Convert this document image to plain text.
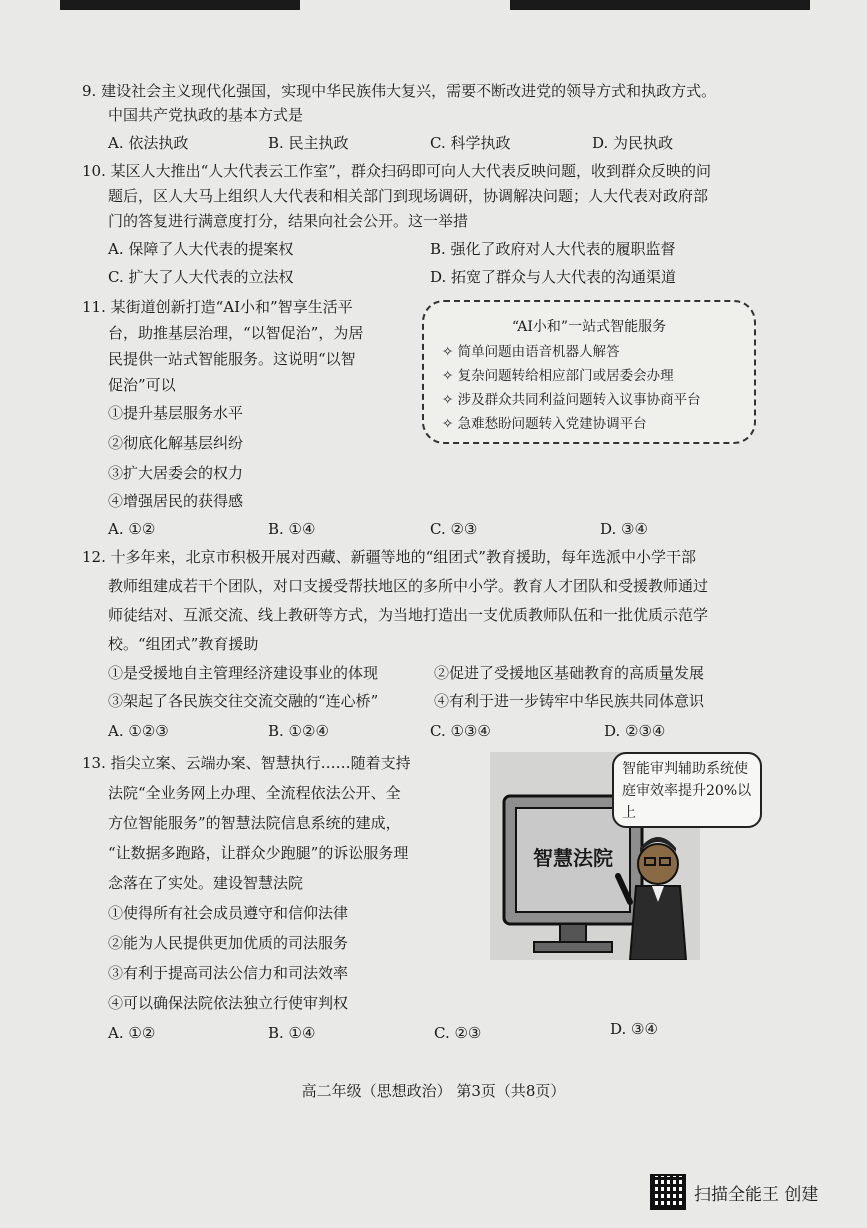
9. 建设社会主义现代化强国，实现中华民族伟大复兴，需要不断改进党的领导方式和执政方式。
中国共产党执政的基本方式是
A. 依法执政	B. 民主执政	C. 科学执政	D. 为民执政
10. 某区人大推出“人大代表云工作室”，群众扫码即可向人大代表反映问题，收到群众反映的问
题后，区人大马上组织人大代表和相关部门到现场调研，协调解决问题；人大代表对政府部
门的答复进行满意度打分，结果向社会公开。这一举措
A. 保障了人大代表的提案权	B. 强化了政府对人大代表的履职监督
C. 扩大了人大代表的立法权	D. 拓宽了群众与人大代表的沟通渠道
11. 某街道创新打造“AI小和”智享生活平
台，助推基层治理，“以智促治”，为居
民提供一站式智能服务。这说明“以智
促治”可以
①提升基层服务水平
②彻底化解基层纠纷
③扩大居委会的权力
④增强居民的获得感
A. ①②	B. ①④	C. ②③	D. ③④
“AI小和”一站式智能服务
✧ 简单问题由语音机器人解答
✧ 复杂问题转给相应部门或居委会办理
✧ 涉及群众共同利益问题转入议事协商平台
✧ 急难愁盼问题转入党建协调平台
12. 十多年来，北京市积极开展对西藏、新疆等地的“组团式”教育援助，每年选派中小学干部
教师组建成若干个团队，对口支援受帮扶地区的多所中小学。教育人才团队和受援教师通过
师徒结对、互派交流、线上教研等方式，为当地打造出一支优质教师队伍和一批优质示范学
校。“组团式”教育援助
①是受援地自主管理经济建设事业的体现	②促进了受援地区基础教育的高质量发展
③架起了各民族交往交流交融的“连心桥”	④有利于进一步铸牢中华民族共同体意识
A. ①②③	B. ①②④	C. ①③④	D. ②③④
13. 指尖立案、云端办案、智慧执行……随着支持
法院“全业务网上办理、全流程依法公开、全
方位智能服务”的智慧法院信息系统的建成，
“让数据多跑路，让群众少跑腿”的诉讼服务理
念落在了实处。建设智慧法院
①使得所有社会成员遵守和信仰法律
②能为人民提供更加优质的司法服务
③有利于提高司法公信力和司法效率
④可以确保法院依法独立行使审判权
A. ①②	B. ①④	C. ②③	D. ③④
智慧法院
智能审判辅助系统使庭审效率提升20%以上
高二年级（思想政治） 第3页（共8页）
扫描全能王 创建
